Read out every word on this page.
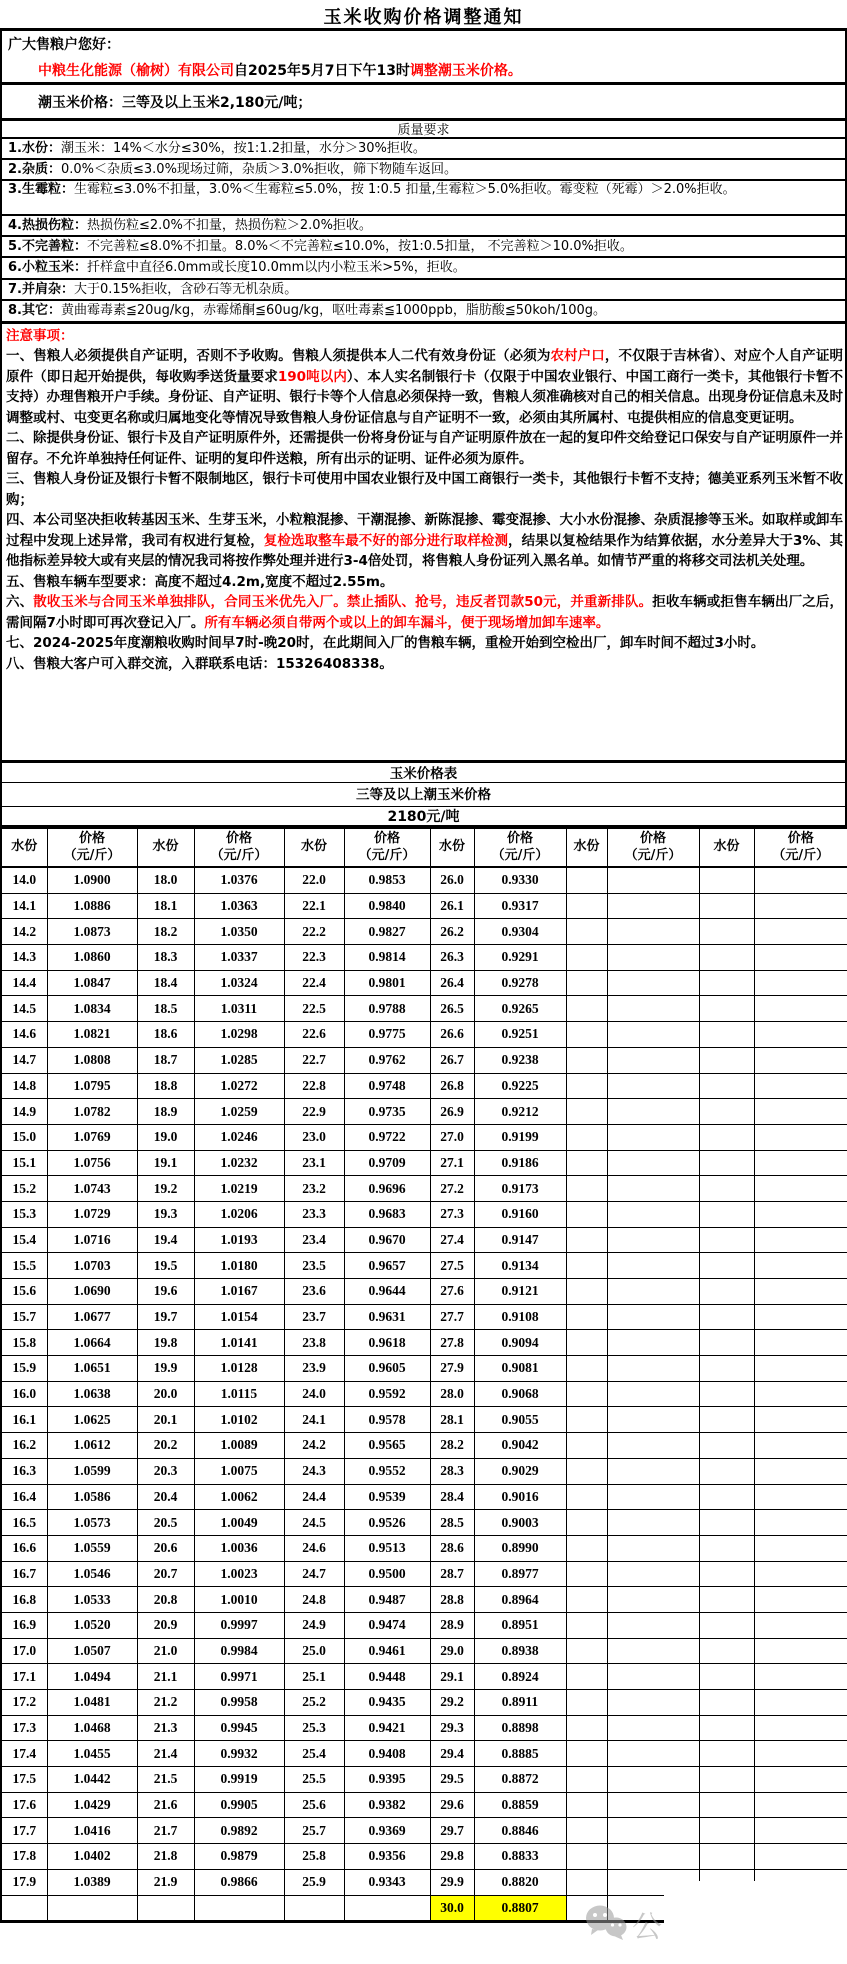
玉米收购价格调整通知
广大售粮户您好：
中粮生化能源（榆树）有限公司自2025年5月7日下午13时调整潮玉米价格。
潮玉米价格：三等及以上玉米2,180元/吨；
质量要求
1.水份：潮玉米：14%＜水分≤30%，按1:1.2扣量，水分＞30%拒收。
2.杂质：0.0%＜杂质≤3.0%现场过筛，杂质＞3.0%拒收，筛下物随车返回。
3.生霉粒：生霉粒≤3.0%不扣量，3.0%＜生霉粒≤5.0%，按 1:0.5 扣量,生霉粒＞5.0%拒收。霉变粒（死霉）＞2.0%拒收。
4.热损伤粒：热损伤粒≤2.0%不扣量，热损伤粒＞2.0%拒收。
5.不完善粒：不完善粒≤8.0%不扣量。8.0%＜不完善粒≤10.0%，按1:0.5扣量， 不完善粒＞10.0%拒收。
6.小粒玉米：扦样盒中直径6.0mm或长度10.0mm以内小粒玉米>5%，拒收。
7.并肩杂：大于0.15%拒收，含砂石等无机杂质。
8.其它：黄曲霉毒素≦20ug/kg，赤霉烯酮≦60ug/kg，呕吐毒素≦1000ppb，脂肪酸≦50koh/100g。
注意事项：
一、售粮人必须提供自产证明，否则不予收购。售粮人须提供本人二代有效身份证（必须为农村户口，不仅限于吉林省）、对应个人自产证明原件（即日起开始提供，每收购季送货量要求190吨以内）、本人实名制银行卡（仅限于中国农业银行、中国工商行一类卡，其他银行卡暂不支持）办理售粮开户手续。身份证、自产证明、银行卡等个人信息必须保持一致，售粮人须准确核对自己的相关信息。出现身份证信息未及时调整或村、屯变更名称或归属地变化等情况导致售粮人身份证信息与自产证明不一致，必须由其所属村、屯提供相应的信息变更证明。
二、除提供身份证、银行卡及自产证明原件外，还需提供一份将身份证与自产证明原件放在一起的复印件交给登记口保安与自产证明原件一并留存。不允许单独持任何证件、证明的复印件送粮，所有出示的证明、证件必须为原件。
三、售粮人身份证及银行卡暂不限制地区，银行卡可使用中国农业银行及中国工商银行一类卡，其他银行卡暂不支持；德美亚系列玉米暂不收购；
四、本公司坚决拒收转基因玉米、生芽玉米，小粒粮混掺、干潮混掺、新陈混掺、霉变混掺、大小水份混掺、杂质混掺等玉米。如取样或卸车过程中发现上述异常，我司有权进行复检，复检选取整车最不好的部分进行取样检测，结果以复检结果作为结算依据，水分差异大于3%、其他指标差异较大或有夹层的情况我司将按作弊处理并进行3-4倍处罚，将售粮人身份证列入黑名单。如情节严重的将移交司法机关处理。
五、售粮车辆车型要求：高度不超过4.2m,宽度不超过2.55m。
六、散收玉米与合同玉米单独排队，合同玉米优先入厂。禁止插队、抢号，违反者罚款50元，并重新排队。拒收车辆或拒售车辆出厂之后，需间隔7小时即可再次登记入厂。所有车辆必须自带两个或以上的卸车漏斗，便于现场增加卸车速率。
七、2024-2025年度潮粮收购时间早7时-晚20时，在此期间入厂的售粮车辆，重检开始到空检出厂，卸车时间不超过3小时。
八、售粮大客户可入群交流，入群联系电话：15326408338。
玉米价格表
三等及以上潮玉米价格
2180元/吨
水份	价格
（元/斤）	水份	价格
（元/斤）	水份	价格
（元/斤）	水份	价格
（元/斤）	水份	价格
（元/斤）	水份	价格
（元/斤）
14.0	1.0900	18.0	1.0376	22.0	0.9853	26.0	0.9330				
14.1	1.0886	18.1	1.0363	22.1	0.9840	26.1	0.9317				
14.2	1.0873	18.2	1.0350	22.2	0.9827	26.2	0.9304				
14.3	1.0860	18.3	1.0337	22.3	0.9814	26.3	0.9291				
14.4	1.0847	18.4	1.0324	22.4	0.9801	26.4	0.9278				
14.5	1.0834	18.5	1.0311	22.5	0.9788	26.5	0.9265				
14.6	1.0821	18.6	1.0298	22.6	0.9775	26.6	0.9251				
14.7	1.0808	18.7	1.0285	22.7	0.9762	26.7	0.9238				
14.8	1.0795	18.8	1.0272	22.8	0.9748	26.8	0.9225				
14.9	1.0782	18.9	1.0259	22.9	0.9735	26.9	0.9212				
15.0	1.0769	19.0	1.0246	23.0	0.9722	27.0	0.9199				
15.1	1.0756	19.1	1.0232	23.1	0.9709	27.1	0.9186				
15.2	1.0743	19.2	1.0219	23.2	0.9696	27.2	0.9173				
15.3	1.0729	19.3	1.0206	23.3	0.9683	27.3	0.9160				
15.4	1.0716	19.4	1.0193	23.4	0.9670	27.4	0.9147				
15.5	1.0703	19.5	1.0180	23.5	0.9657	27.5	0.9134				
15.6	1.0690	19.6	1.0167	23.6	0.9644	27.6	0.9121				
15.7	1.0677	19.7	1.0154	23.7	0.9631	27.7	0.9108				
15.8	1.0664	19.8	1.0141	23.8	0.9618	27.8	0.9094				
15.9	1.0651	19.9	1.0128	23.9	0.9605	27.9	0.9081				
16.0	1.0638	20.0	1.0115	24.0	0.9592	28.0	0.9068				
16.1	1.0625	20.1	1.0102	24.1	0.9578	28.1	0.9055				
16.2	1.0612	20.2	1.0089	24.2	0.9565	28.2	0.9042				
16.3	1.0599	20.3	1.0075	24.3	0.9552	28.3	0.9029				
16.4	1.0586	20.4	1.0062	24.4	0.9539	28.4	0.9016				
16.5	1.0573	20.5	1.0049	24.5	0.9526	28.5	0.9003				
16.6	1.0559	20.6	1.0036	24.6	0.9513	28.6	0.8990				
16.7	1.0546	20.7	1.0023	24.7	0.9500	28.7	0.8977				
16.8	1.0533	20.8	1.0010	24.8	0.9487	28.8	0.8964				
16.9	1.0520	20.9	0.9997	24.9	0.9474	28.9	0.8951				
17.0	1.0507	21.0	0.9984	25.0	0.9461	29.0	0.8938				
17.1	1.0494	21.1	0.9971	25.1	0.9448	29.1	0.8924				
17.2	1.0481	21.2	0.9958	25.2	0.9435	29.2	0.8911				
17.3	1.0468	21.3	0.9945	25.3	0.9421	29.3	0.8898				
17.4	1.0455	21.4	0.9932	25.4	0.9408	29.4	0.8885				
17.5	1.0442	21.5	0.9919	25.5	0.9395	29.5	0.8872				
17.6	1.0429	21.6	0.9905	25.6	0.9382	29.6	0.8859				
17.7	1.0416	21.7	0.9892	25.7	0.9369	29.7	0.8846				
17.8	1.0402	21.8	0.9879	25.8	0.9356	29.8	0.8833				
17.9	1.0389	21.9	0.9866	25.9	0.9343	29.9	0.8820				
						30.0	0.8807				
公
